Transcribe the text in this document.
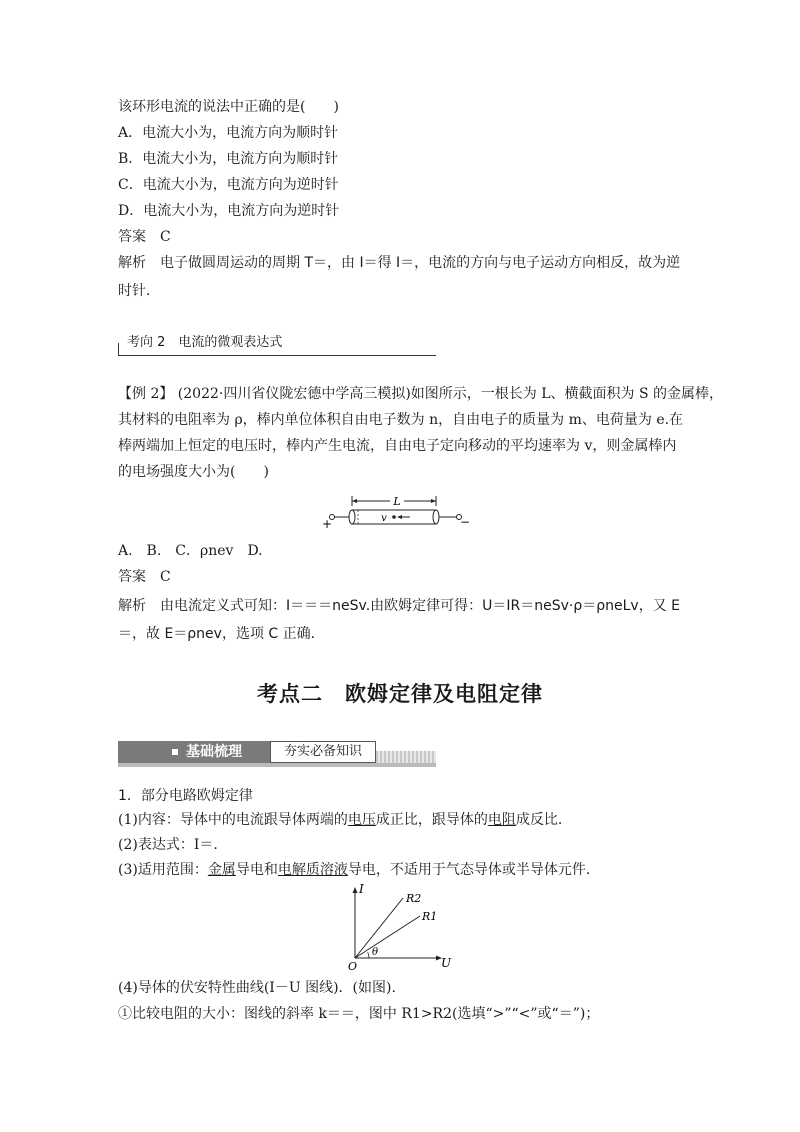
该环形电流的说法中正确的是(　　)
A．电流大小为，电流方向为顺时针
B．电流大小为，电流方向为顺时针
C．电流大小为，电流方向为逆时针
D．电流大小为，电流方向为逆时针
答案　C
解析　电子做圆周运动的周期 T＝，由 I＝得 I＝，电流的方向与电子运动方向相反，故为逆
时针．
考向 2　电流的微观表达式
【例 2】 (2022·四川省仪陇宏德中学高三模拟)如图所示，一根长为 L、横截面积为 S 的金属棒，
其材料的电阻率为 ρ，棒内单位体积自由电子数为 n，自由电子的质量为 m、电荷量为 e.在
棒两端加上恒定的电压时，棒内产生电流，自由电子定向移动的平均速率为 v，则金属棒内
的电场强度大小为(　　)
L
v
+	−
A.　B.　C．ρnev　D.
答案　C
解析　由电流定义式可知：I＝＝＝neSv.由欧姆定律可得：U＝IR＝neSv·ρ＝ρneLv，又 E
＝，故 E＝ρnev，选项 C 正确．
考点二　欧姆定律及电阻定律
基础梳理	夯实必备知识
1．部分电路欧姆定律
(1)内容：导体中的电流跟导体两端的电压成正比，跟导体的电阻成反比.
(2)表达式：I＝.
(3)适用范围：金属导电和电解质溶液导电，不适用于气态导体或半导体元件.
I
U
O
R2
R1
θ
(4)导体的伏安特性曲线(I－U 图线)．(如图).
①比较电阻的大小：图线的斜率 k＝＝，图中 R1>R2(选填“>”“<”或“＝”)；
